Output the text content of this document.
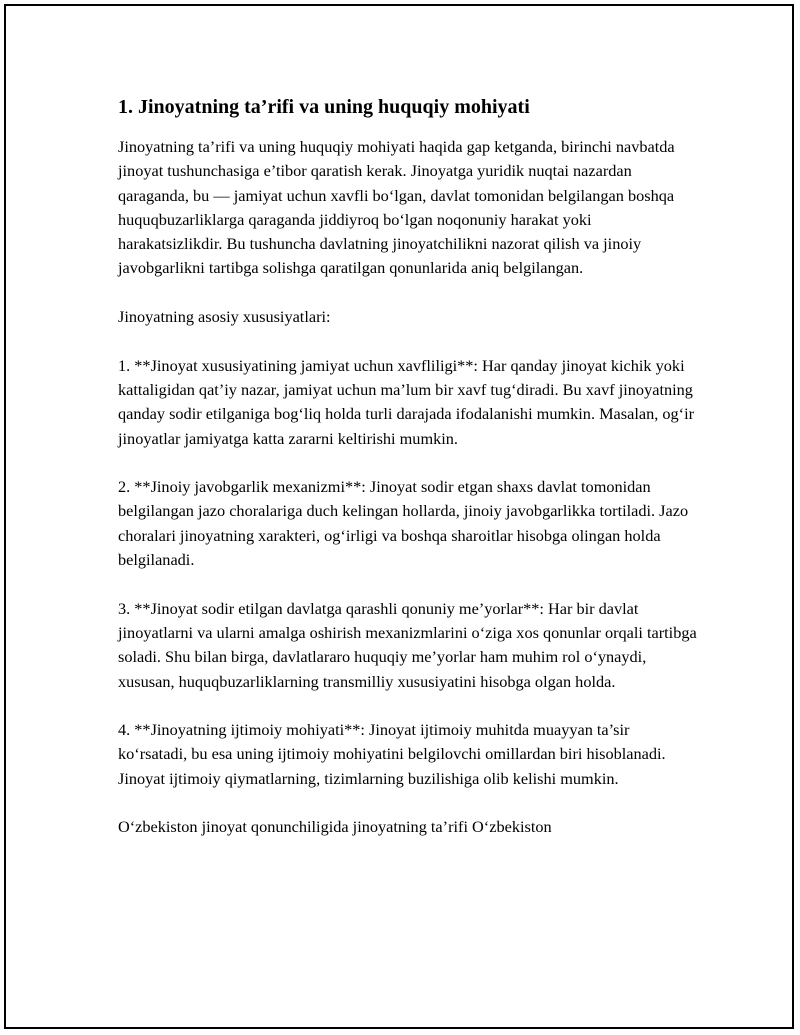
1. Jinoyatning ta’rifi va uning huquqiy mohiyati

Jinoyatning ta’rifi va uning huquqiy mohiyati haqida gap ketganda, birinchi navbatda jinoyat tushunchasiga e’tibor qaratish kerak. Jinoyatga yuridik nuqtai nazardan qaraganda, bu — jamiyat uchun xavfli bo‘lgan, davlat tomonidan belgilangan boshqa huquqbuzarliklarga qaraganda jiddiyroq bo‘lgan noqonuniy harakat yoki harakatsizlikdir. Bu tushuncha davlatning jinoyatchilikni nazorat qilish va jinoiy javobgarlikni tartibga solishga qaratilgan qonunlarida aniq belgilangan.

Jinoyatning asosiy xususiyatlari:

1. **Jinoyat xususiyatining jamiyat uchun xavfliligi**: Har qanday jinoyat kichik yoki kattaligidan qat’iy nazar, jamiyat uchun ma’lum bir xavf tug‘diradi. Bu xavf jinoyatning qanday sodir etilganiga bog‘liq holda turli darajada ifodalanishi mumkin. Masalan, og‘ir jinoyatlar jamiyatga katta zararni keltirishi mumkin.

2. **Jinoiy javobgarlik mexanizmi**: Jinoyat sodir etgan shaxs davlat tomonidan belgilangan jazo choralariga duch kelingan hollarda, jinoiy javobgarlikka tortiladi. Jazo choralari jinoyatning xarakteri, og‘irligi va boshqa sharoitlar hisobga olingan holda belgilanadi.

3. **Jinoyat sodir etilgan davlatga qarashli qonuniy me’yorlar**: Har bir davlat jinoyatlarni va ularni amalga oshirish mexanizmlarini o‘ziga xos qonunlar orqali tartibga soladi. Shu bilan birga, davlatlararo huquqiy me’yorlar ham muhim rol o‘ynaydi, xususan, huquqbuzarliklarning transmilliy xususiyatini hisobga olgan holda.

4. **Jinoyatning ijtimoiy mohiyati**: Jinoyat ijtimoiy muhitda muayyan ta’sir ko‘rsatadi, bu esa uning ijtimoiy mohiyatini belgilovchi omillardan biri hisoblanadi. Jinoyat ijtimoiy qiymatlarning, tizimlarning buzilishiga olib kelishi mumkin.

O‘zbekiston jinoyat qonunchiligida jinoyatning ta’rifi O‘zbekiston
